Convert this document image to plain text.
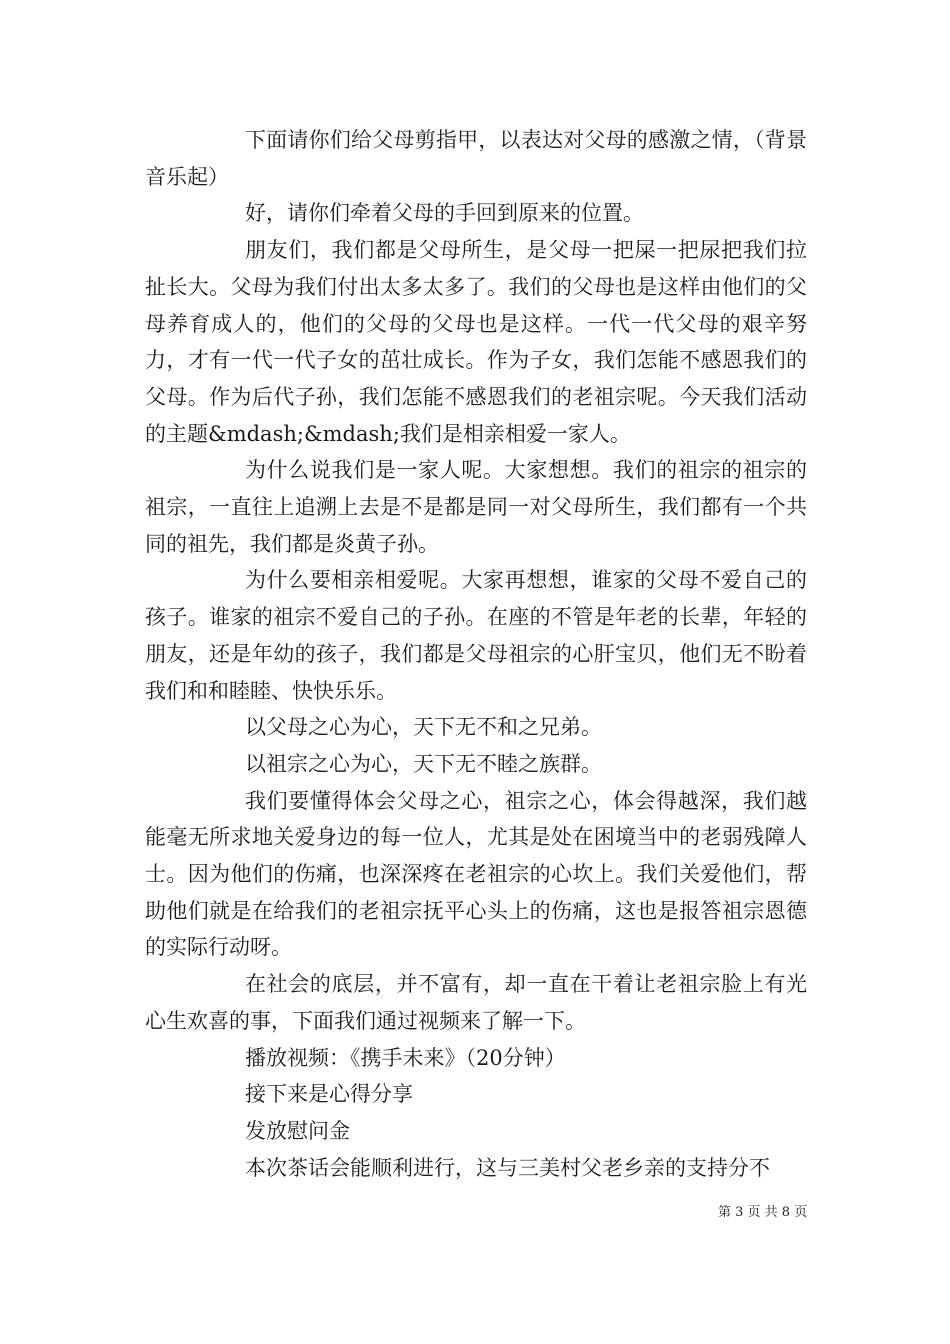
下面请你们给父母剪指甲，以表达对父母的感激之情，（背景音乐起）

好，请你们牵着父母的手回到原来的位置。

朋友们，我们都是父母所生，是父母一把屎一把尿把我们拉扯长大。父母为我们付出太多太多了。我们的父母也是这样由他们的父母养育成人的，他们的父母的父母也是这样。一代一代父母的艰辛努力，才有一代一代子女的茁壮成长。作为子女，我们怎能不感恩我们的父母。作为后代子孙，我们怎能不感恩我们的老祖宗呢。今天我们活动的主题&mdash;&mdash;我们是相亲相爱一家人。

为什么说我们是一家人呢。大家想想。我们的祖宗的祖宗的祖宗，一直往上追溯上去是不是都是同一对父母所生，我们都有一个共同的祖先，我们都是炎黄子孙。

为什么要相亲相爱呢。大家再想想，谁家的父母不爱自己的孩子。谁家的祖宗不爱自己的子孙。在座的不管是年老的长辈，年轻的朋友，还是年幼的孩子，我们都是父母祖宗的心肝宝贝，他们无不盼着我们和和睦睦、快快乐乐。

以父母之心为心，天下无不和之兄弟。

以祖宗之心为心，天下无不睦之族群。

我们要懂得体会父母之心，祖宗之心，体会得越深，我们越能毫无所求地关爱身边的每一位人，尤其是处在困境当中的老弱残障人士。因为他们的伤痛，也深深疼在老祖宗的心坎上。我们关爱他们，帮助他们就是在给我们的老祖宗抚平心头上的伤痛，这也是报答祖宗恩德的实际行动呀。

在社会的底层，并不富有，却一直在干着让老祖宗脸上有光心生欢喜的事，下面我们通过视频来了解一下。

播放视频：《携手未来》（20分钟）

接下来是心得分享

发放慰问金

本次茶话会能顺利进行，这与三美村父老乡亲的支持分不

第 3 页 共 8 页
